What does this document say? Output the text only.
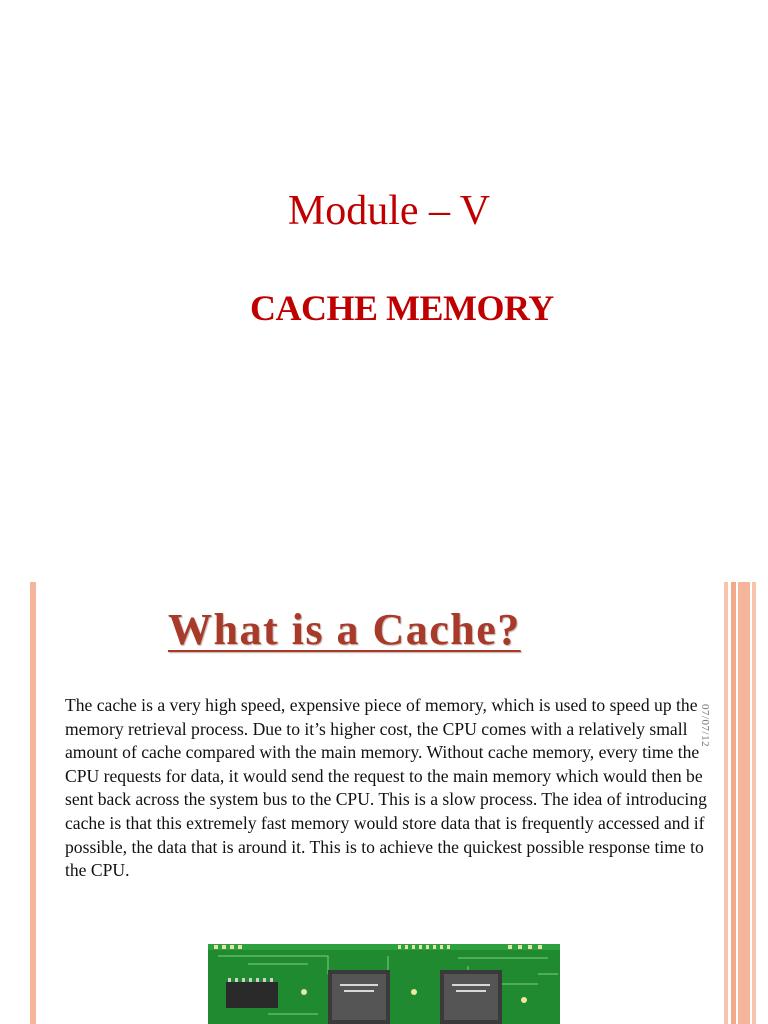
Module – V
CACHE MEMORY
What is a Cache?
The cache is a very high speed, expensive piece of memory, which is used to speed up the memory retrieval process. Due to it’s higher cost, the CPU comes with a relatively small amount of cache compared with the main memory. Without cache memory, every time the CPU requests for data, it would send the request to the main memory which would then be sent back across the system bus to the CPU. This is a slow process. The idea of introducing cache is that this extremely fast memory would store data that is frequently accessed and if possible, the data that is around it. This is to achieve the quickest possible response time to the CPU.
07/07/12
